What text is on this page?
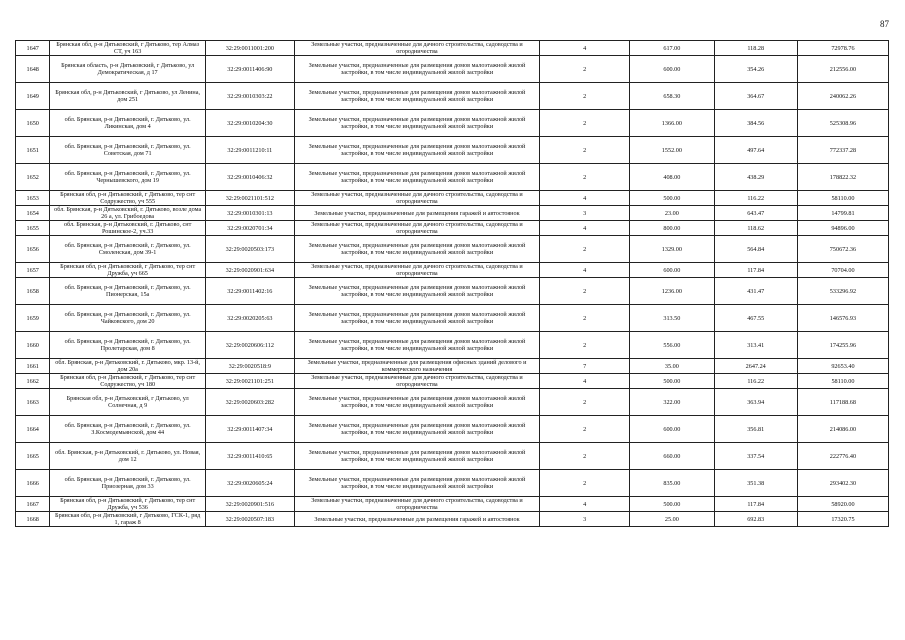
87
1647	Брянская обл, р-н Дятьковский, г Дятьково, тер Алмаз СТ, уч 163	32:29:0011001:200	Земельные участки, предназначенные для дачного строительства, садоводства и огородничества	4	617.00	118.28	72978.76
1648	Брянская область, р-н Дятьковский, г Дятьково, ул Демократическая, д 17	32:29:0011406:90	Земельные участки, предназначенные для размещения домов малоэтажной жилой застройки, в том числе индивидуальной жилой застройки	2	600.00	354.26	212556.00
1649	Брянская обл, р-н Дятьковский, г Дятьково, ул Ленина, дом 251	32:29:0010303:22	Земельные участки, предназначенные для размещения домов малоэтажной жилой застройки, в том числе индивидуальной жилой застройки	2	658.30	364.67	240062.26
1650	обл. Брянская, р-н Дятьковский, г. Дятьково, ул. Ликинская, дом 4	32:29:0010204:30	Земельные участки, предназначенные для размещения домов малоэтажной жилой застройки, в том числе индивидуальной жилой застройки	2	1366.00	384.56	525308.96
1651	обл. Брянская, р-н Дятьковский, г. Дятьково, ул. Советская, дом 71	32:29:0011210:11	Земельные участки, предназначенные для размещения домов малоэтажной жилой застройки, в том числе индивидуальной жилой застройки	2	1552.00	497.64	772337.28
1652	обл. Брянская, р-н Дятьковский, г. Дятьково, ул. Чернышевского, дом 19	32:29:0010406:32	Земельные участки, предназначенные для размещения домов малоэтажной жилой застройки, в том числе индивидуальной жилой застройки	2	408.00	438.29	178822.32
1653	Брянская обл, р-н Дятьковский, г Дятьково, тер снт Содружество, уч 555	32:29:0021101:512	Земельные участки, предназначенные для дачного строительства, садоводства и огородничества	4	500.00	116.22	58110.00
1654	обл. Брянская, р-н Дятьковский, г. Дятьково, возле дома 26 а, ул. Грибоедова	32:29:0010301:13	Земельные участки, предназначенные для размещения гаражей и автостоянок	3	23.00	643.47	14799.81
1655	обл. Брянская, р-н Дятьковский, г. Дятьково, снт Рошинское-2, уч.33	32:29:0020701:34	Земельные участки, предназначенные для дачного строительства, садоводства и огородничества	4	800.00	118.62	94896.00
1656	обл. Брянская, р-н Дятьковский, г. Дятьково, ул. Смоленская, дом 39-1	32:29:0020503:173	Земельные участки, предназначенные для размещения домов малоэтажной жилой застройки, в том числе индивидуальной жилой застройки	2	1329.00	564.84	750672.36
1657	Брянская обл, р-н Дятьковский, г Дятьково, тер снт Дружба, уч 665	32:29:0020901:634	Земельные участки, предназначенные для дачного строительства, садоводства и огородничества	4	600.00	117.84	70704.00
1658	обл. Брянская, р-н Дятьковский, г. Дятьково, ул. Пионерская, 15а	32:29:0011402:16	Земельные участки, предназначенные для размещения домов малоэтажной жилой застройки, в том числе индивидуальной жилой застройки	2	1236.00	431.47	533296.92
1659	обл. Брянская, р-н Дятьковский, г. Дятьково, ул. Чайковского, дом 20	32:29:0020205:63	Земельные участки, предназначенные для размещения домов малоэтажной жилой застройки, в том числе индивидуальной жилой застройки	2	313.50	467.55	146576.93
1660	обл. Брянская, р-н Дятьковский, г. Дятьково, ул. Пролетарская, дом 8	32:29:0020606:112	Земельные участки, предназначенные для размещения домов малоэтажной жилой застройки, в том числе индивидуальной жилой застройки	2	556.00	313.41	174255.96
1661	обл. Брянская, р-н Дятьковский, г. Дятьково, мкр. 13-й, дом 20а	32:29:0020518:9	Земельные участки, предназначенные для размещения офисных зданий делового и коммерческого назначения	7	35.00	2647.24	92653.40
1662	Брянская обл, р-н Дятьковский, г Дятьково, тер снт Содружество, уч 180	32:29:0021101:251	Земельные участки, предназначенные для дачного строительства, садоводства и огородничества	4	500.00	116.22	58110.00
1663	Брянская обл, р-н Дятьковский, г Дятьково, ул Солнечная, д 9	32:29:0020603:282	Земельные участки, предназначенные для размещения домов малоэтажной жилой застройки, в том числе индивидуальной жилой застройки	2	322.00	363.94	117188.68
1664	обл. Брянская, р-н Дятьковский, г. Дятьково, ул. З.Космодемьянской, дом 44	32:29:0011407:34	Земельные участки, предназначенные для размещения домов малоэтажной жилой застройки, в том числе индивидуальной жилой застройки	2	600.00	356.81	214086.00
1665	обл. Брянская, р-н Дятьковский, г. Дятьково, ул. Новая, дом 12	32:29:0011410:65	Земельные участки, предназначенные для размещения домов малоэтажной жилой застройки, в том числе индивидуальной жилой застройки	2	660.00	337.54	222776.40
1666	обл. Брянская, р-н Дятьковский, г. Дятьково, ул. Приозерная, дом 33	32:29:0020605:24	Земельные участки, предназначенные для размещения домов малоэтажной жилой застройки, в том числе индивидуальной жилой застройки	2	835.00	351.38	293402.30
1667	Брянская обл, р-н Дятьковский, г Дятьково, тер снт Дружба, уч 536	32:29:0020901:516	Земельные участки, предназначенные для дачного строительства, садоводства и огородничества	4	500.00	117.84	58920.00
1668	Брянская обл, р-н Дятьковский, г Дятьково, ГСК-1, ряд 1, гараж 8	32:29:0020507:183	Земельные участки, предназначенные для размещения гаражей и автостоянок	3	25.00	692.83	17320.75
